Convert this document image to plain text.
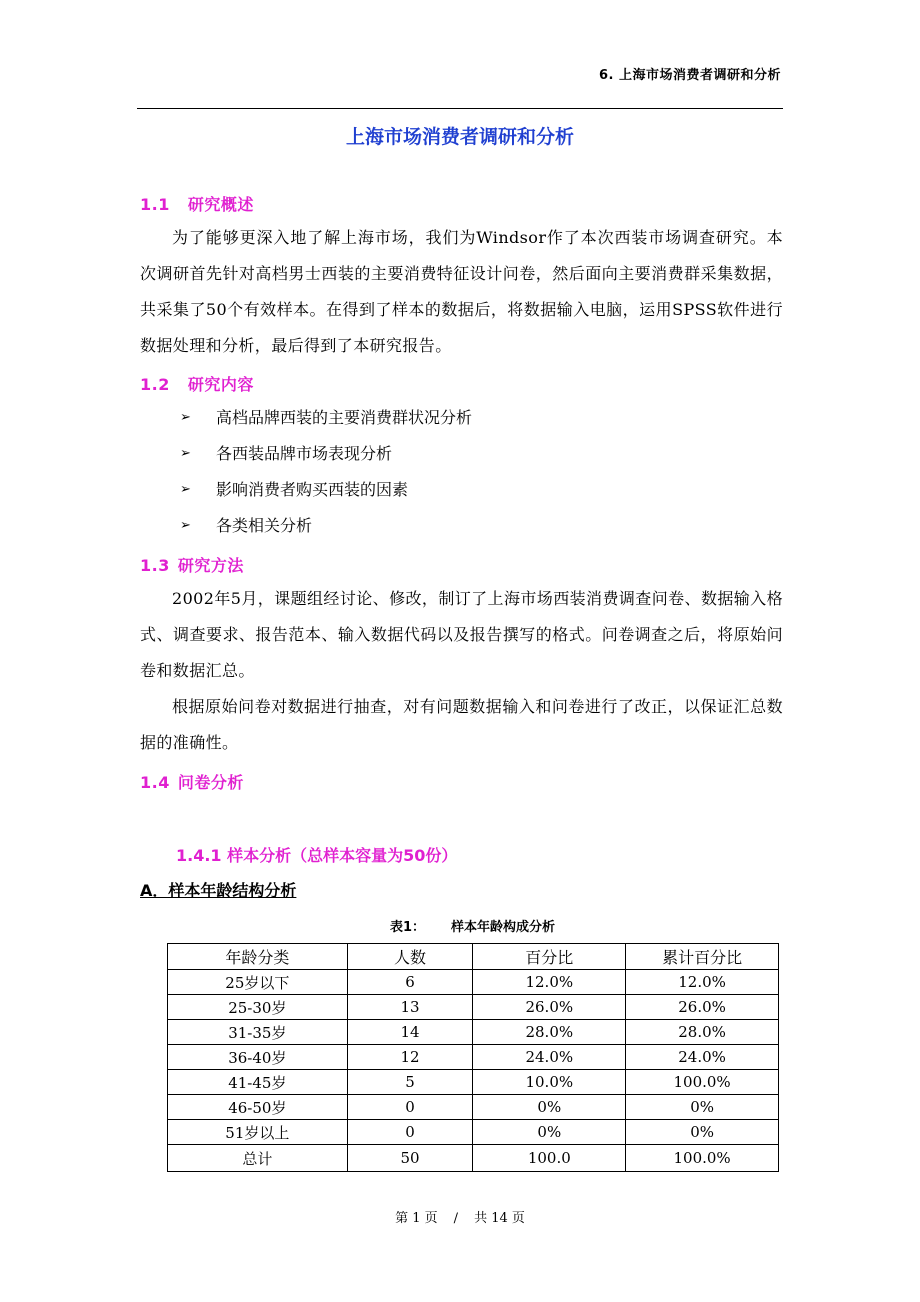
6. 上海市场消费者调研和分析
上海市场消费者调研和分析
1.1 研究概述

为了能够更深入地了解上海市场，我们为Windsor作了本次西装市场调查研究。本次调研首先针对高档男士西装的主要消费特征设计问卷，然后面向主要消费群采集数据，共采集了50个有效样本。在得到了样本的数据后，将数据输入电脑，运用SPSS软件进行数据处理和分析，最后得到了本研究报告。

1.2 研究内容
➢	高档品牌西装的主要消费群状况分析
➢	各西装品牌市场表现分析
➢	影响消费者购买西装的因素
➢	各类相关分析
1.3 研究方法

2002年5月，课题组经讨论、修改，制订了上海市场西装消费调查问卷、数据输入格式、调查要求、报告范本、输入数据代码以及报告撰写的格式。问卷调查之后，将原始问卷和数据汇总。

根据原始问卷对数据进行抽查，对有问题数据输入和问卷进行了改正，以保证汇总数据的准确性。

1.4 问卷分析
1.4.1 样本分析（总样本容量为50份）
A．样本年龄结构分析
表1： 样本年龄构成分析
年龄分类	人数	百分比	累计百分比
25岁以下	6	12.0%	12.0%
25-30岁	13	26.0%	26.0%
31-35岁	14	28.0%	28.0%
36-40岁	12	24.0%	24.0%
41-45岁	5	10.0%	100.0%
46-50岁	0	0%	0%
51岁以上	0	0%	0%
总计	50	100.0	100.0%
第 1 页 / 共 14 页
